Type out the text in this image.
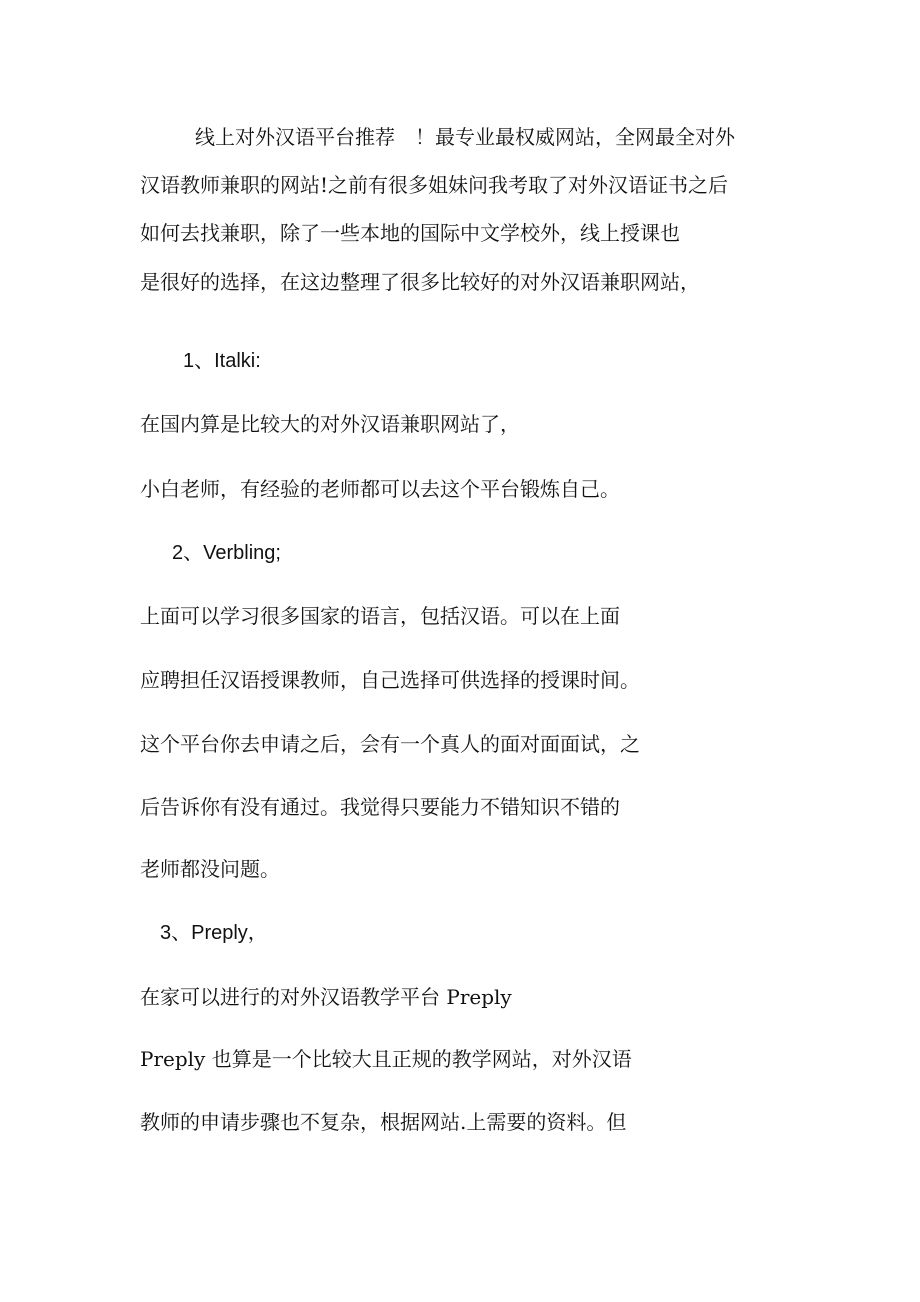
线上对外汉语平台推荐　！最专业最权威网站，全网最全对外
汉语教师兼职的网站!之前有很多姐妹问我考取了对外汉语证书之后
如何去找兼职，除了一些本地的国际中文学校外，线上授课也
是很好的选择，在这边整理了很多比较好的对外汉语兼职网站，
1、Italki:
在国内算是比较大的对外汉语兼职网站了，
小白老师，有经验的老师都可以去这个平台锻炼自己。
2、Verbling;
上面可以学习很多国家的语言，包括汉语。可以在上面
应聘担任汉语授课教师，自己选择可供选择的授课时间。
这个平台你去申请之后，会有一个真人的面对面面试，之
后告诉你有没有通过。我觉得只要能力不错知识不错的
老师都没问题。
3、Preply，
在家可以进行的对外汉语教学平台 Preply
Preply 也算是一个比较大且正规的教学网站，对外汉语
教师的申请步骤也不复杂，根据网站.上需要的资料。但
